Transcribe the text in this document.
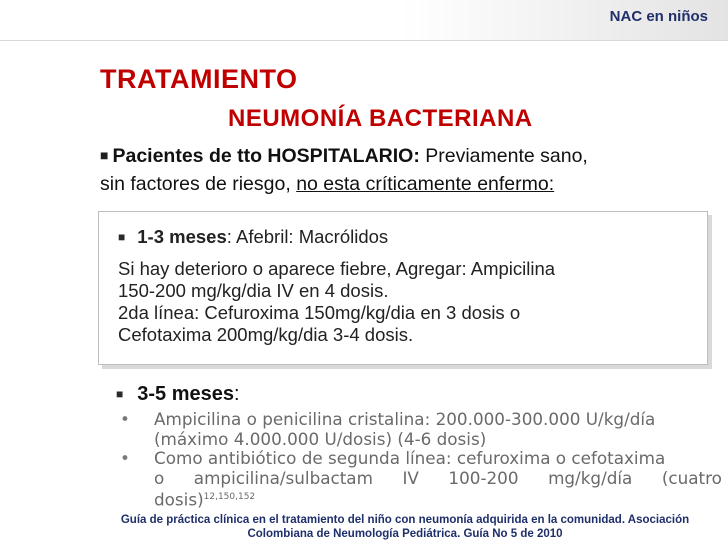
NAC en niños
TRATAMIENTO
NEUMONÍA BACTERIANA
■ Pacientes de tto HOSPITALARIO: Previamente sano,
sin factores de riesgo, no esta críticamente enfermo:
■ 1-3 meses: Afebril: Macrólidos
Si hay deterioro o aparece fiebre, Agregar: Ampicilina
150-200 mg/kg/dia IV en 4 dosis.
2da línea: Cefuroxima 150mg/kg/dia en 3 dosis o
Cefotaxima 200mg/kg/dia 3-4 dosis.
■ 3-5 meses:
• Ampicilina o penicilina cristalina: 200.000-300.000 U/kg/día
(máximo 4.000.000 U/dosis) (4-6 dosis)
• Como antibiótico de segunda línea: cefuroxima o cefotaxima
o ampicilina/sulbactam IV 100-200 mg/kg/día (cuatro
dosis)$^{12,150,152}$
Guía de práctica clínica en el tratamiento del niño con neumonía adquirida en la comunidad. Asociación
Colombiana de Neumología Pediátrica. Guía No 5 de 2010
